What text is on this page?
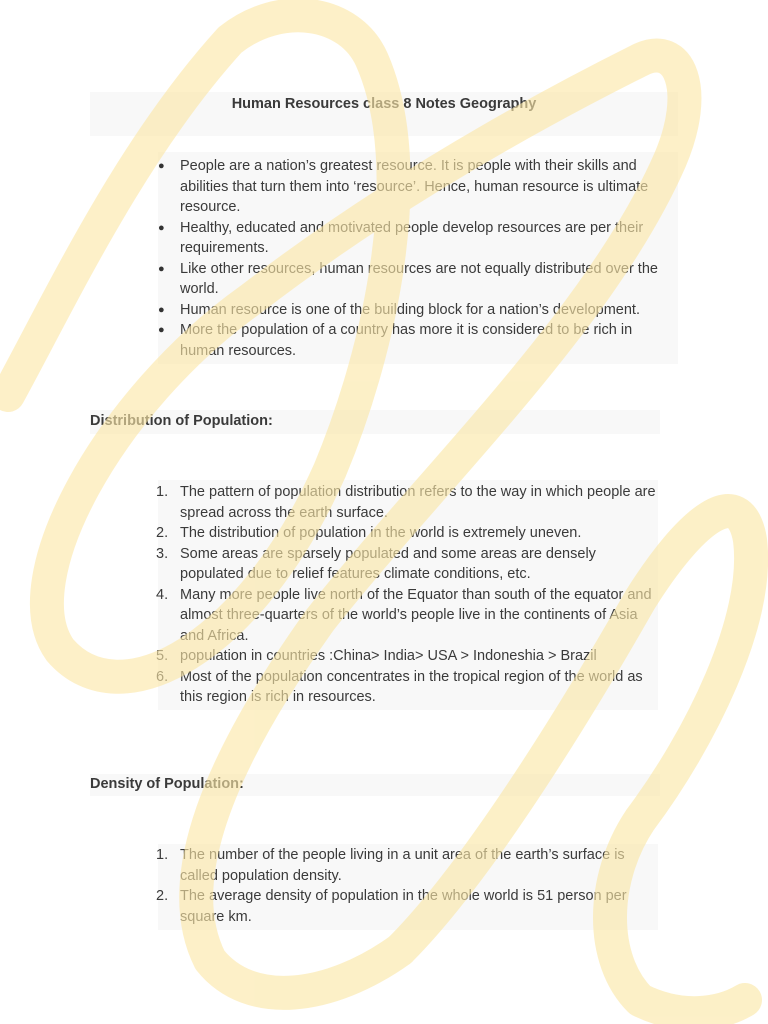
Human Resources class 8 Notes Geography
● People are a nation’s greatest resource. It is people with their skills and abilities that turn them into ‘resource’. Hence, human resource is ultimate resource.
● Healthy, educated and motivated people develop resources are per their requirements.
● Like other resources, human resources are not equally distributed over the world.
● Human resource is one of the building block for a nation’s development.
● More the population of a country has more it is considered to be rich in human resources.
Distribution of Population:
1. The pattern of population distribution refers to the way in which people are spread across the earth surface.
2. The distribution of population in the world is extremely uneven.
3. Some areas are sparsely populated and some areas are densely populated due to relief features climate conditions, etc.
4. Many more people live north of the Equator than south of the equator and almost three-quarters of the world’s people live in the continents of Asia and Africa.
5. population in countries :China> India> USA > Indoneshia > Brazil
6. Most of the population concentrates in the tropical region of the world as this region is rich in resources.
Density of Population:
1. The number of the people living in a unit area of the earth’s surface is called population density.
2. The average density of population in the whole world is 51 person per square km.
